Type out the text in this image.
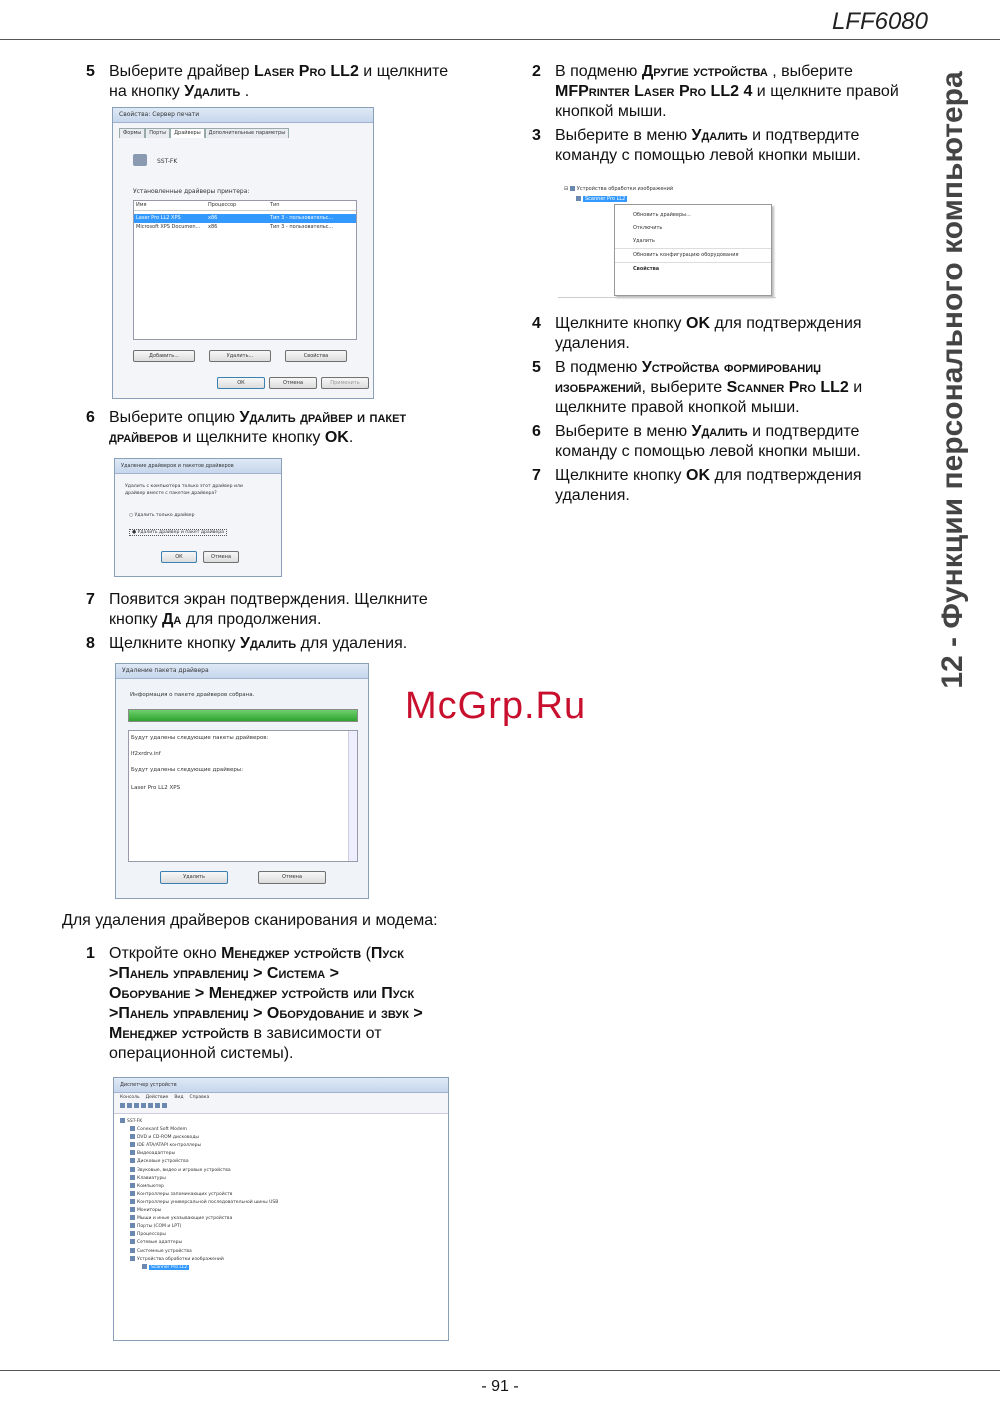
LFF6080
12 - Функции персонального компьютера
McGrp.Ru
5 Выберите драйвер Laser Pro LL2 и щелкните
на кнопку Удалить .
Свойства: Сервер печати
Формы Порты Драйверы Дополнительные параметры
SST-FK
Установленные драйверы принтера:
Имя	Процессор	Тип
Laser Pro LL2 XPS	x86	Тип 3 - пользовательс...
Microsoft XPS Documen...	x86	Тип 3 - пользовательс...
Добавить...	Удалить...	Свойства
ОК	Отмена	Применить
6 Выберите опцию Удалить драйвер и пакет
драйверов и щелкните кнопку OK.
Удаление драйверов и пакетов драйверов
Удалить с компьютера только этот драйвер или
драйвер вместе с пакетом драйвера?
○ Удалить только драйвер
● Удалить драйвер и пакет драйвера
ОК	Отмена
7 Появится экран подтверждения. Щелкните
кнопку Да для продолжения.
8 Щелкните кнопку Удалить для удаления.
Удаление пакета драйвера
Информация о пакете драйверов собрана.
Будут удалены следующие пакеты драйверов:
lf2xrdrv.inf
Будут удалены следующие драйверы:
Laser Pro LL2 XPS
Удалить	Отмена
Для удаления драйверов сканирования и модема:
1 Откройте окно Менеджер устройств (Пуск
>Панель управлениџ > Система >
Оборувание > Менеджер устройств или Пуск
>Панель управлениџ > Оборудование и звук >
Менеджер устройств в зависимости от
операционной системы).
Диспетчер устройств
Консоль Действие Вид Справка
SST-FK
Conexant Soft Modem
DVD и CD-ROM дисководы
IDE ATA/ATAPI контроллеры
Видеоадаптеры
Дисковые устройства
Звуковые, видео и игровые устройства
Клавиатуры
Компьютер
Контроллеры запоминающих устройств
Контроллеры универсальной последовательной шины USB
Мониторы
Мыши и иные указывающие устройства
Порты (COM и LPT)
Процессоры
Сетевые адаптеры
Системные устройства
Устройства обработки изображений
Scanner Pro LL2
2 В подменю Другие устройства , выберите
MFPrinter Laser Pro LL2 4 и щелкните правой
кнопкой мыши.
3 Выберите в меню Удалить и подтвердите
команду с помощью левой кнопки мыши.
⊟ Устройства обработки изображений
Scanner Pro LL2
Обновить драйверы...
Отключить
Удалить
Обновить конфигурацию оборудования
Свойства
4 Щелкните кнопку OK для подтверждения
удаления.
5 В подменю Устройства формированиџ
изображений, выберите Scanner Pro LL2 и
щелкните правой кнопкой мыши.
6 Выберите в меню Удалить и подтвердите
команду с помощью левой кнопки мыши.
7 Щелкните кнопку OK для подтверждения
удаления.
- 91 -
